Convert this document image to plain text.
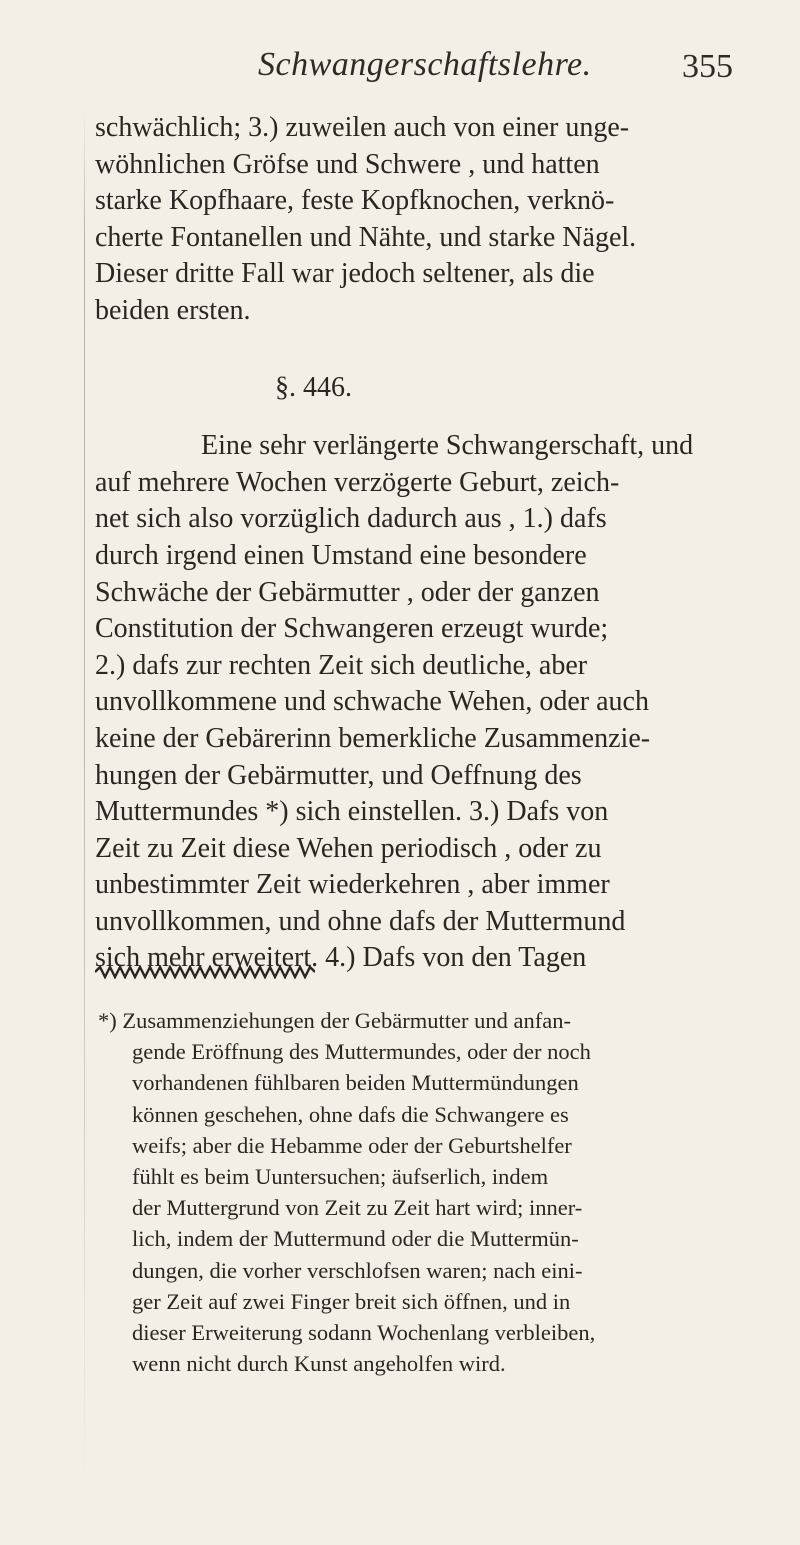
Schwangerschaftslehre.	355
schwächlich; 3.) zuweilen auch von einer unge-
wöhnlichen Gröfse und Schwere , und hatten
starke Kopfhaare, feste Kopfknochen, verknö-
cherte Fontanellen und Nähte, und starke Nägel.
Dieser dritte Fall war jedoch seltener, als die
beiden ersten.
§. 446.
Eine sehr verlängerte Schwangerschaft, und
auf mehrere Wochen verzögerte Geburt, zeich-
net sich also vorzüglich dadurch aus , 1.) dafs
durch irgend einen Umstand eine besondere
Schwäche der Gebärmutter , oder der ganzen
Constitution der Schwangeren erzeugt wurde;
2.) dafs zur rechten Zeit sich deutliche, aber
unvollkommene und schwache Wehen, oder auch
keine der Gebärerinn bemerkliche Zusammenzie-
hungen der Gebärmutter, und Oeffnung des
Muttermundes *) sich einstellen. 3.) Dafs von
Zeit zu Zeit diese Wehen periodisch , oder zu
unbestimmter Zeit wiederkehren , aber immer
unvollkommen, und ohne dafs der Muttermund
sich mehr erweitert. 4.) Dafs von den Tagen
*) Zusammenziehungen der Gebärmutter und anfan-
gende Eröffnung des Muttermundes, oder der noch
vorhandenen fühlbaren beiden Muttermündungen
können geschehen, ohne dafs die Schwangere es
weifs; aber die Hebamme oder der Geburtshelfer
fühlt es beim Uuntersuchen; äufserlich, indem
der Muttergrund von Zeit zu Zeit hart wird; inner-
lich, indem der Muttermund oder die Muttermün-
dungen, die vorher verschlofsen waren; nach eini-
ger Zeit auf zwei Finger breit sich öffnen, und in
dieser Erweiterung sodann Wochenlang verbleiben,
wenn nicht durch Kunst angeholfen wird.
